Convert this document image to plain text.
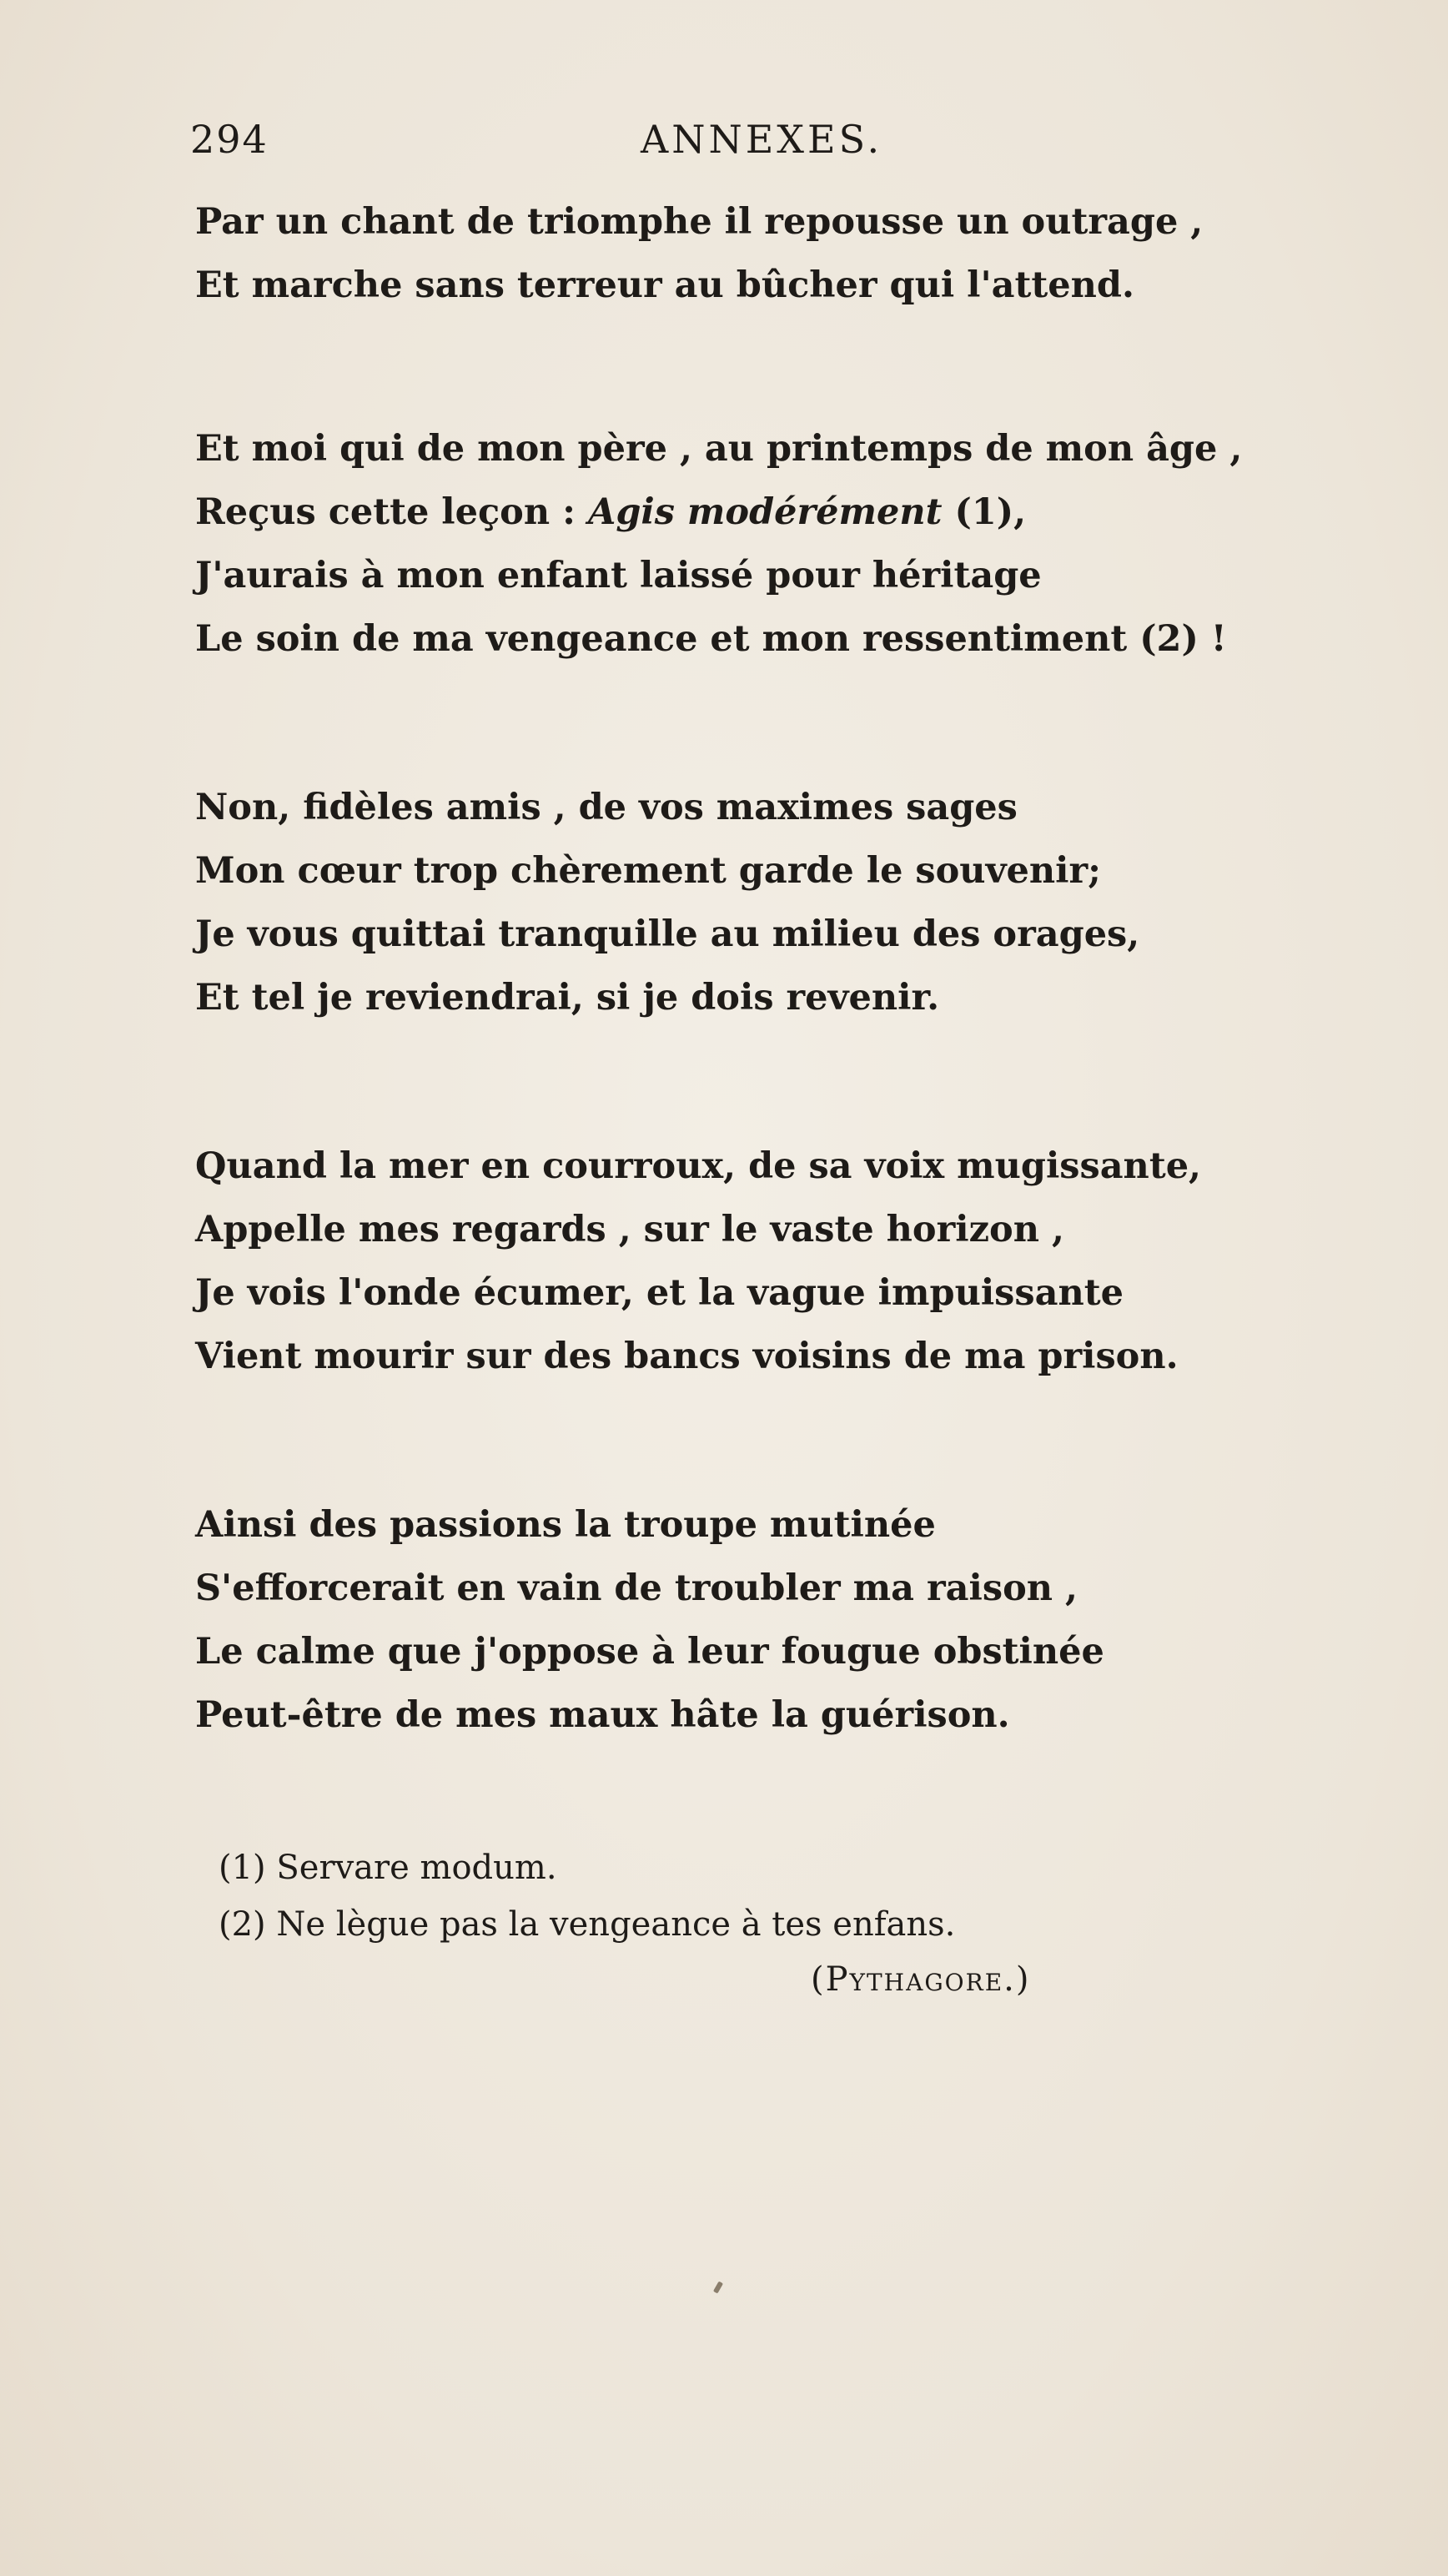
294	ANNEXES.
Par un chant de triomphe il repousse un outrage ,
Et marche sans terreur au bûcher qui l'attend.
Et moi qui de mon père , au printemps de mon âge ,
Reçus cette leçon : Agis modérément (1),
J'aurais à mon enfant laissé pour héritage
Le soin de ma vengeance et mon ressentiment (2) !
Non, fidèles amis , de vos maximes sages
Mon cœur trop chèrement garde le souvenir;
Je vous quittai tranquille au milieu des orages,
Et tel je reviendrai, si je dois revenir.
Quand la mer en courroux, de sa voix mugissante,
Appelle mes regards , sur le vaste horizon ,
Je vois l'onde écumer, et la vague impuissante
Vient mourir sur des bancs voisins de ma prison.
Ainsi des passions la troupe mutinée
S'efforcerait en vain de troubler ma raison ,
Le calme que j'oppose à leur fougue obstinée
Peut-être de mes maux hâte la guérison.
(1) Servare modum.
(2) Ne lègue pas la vengeance à tes enfans.
(Pythagore.)
